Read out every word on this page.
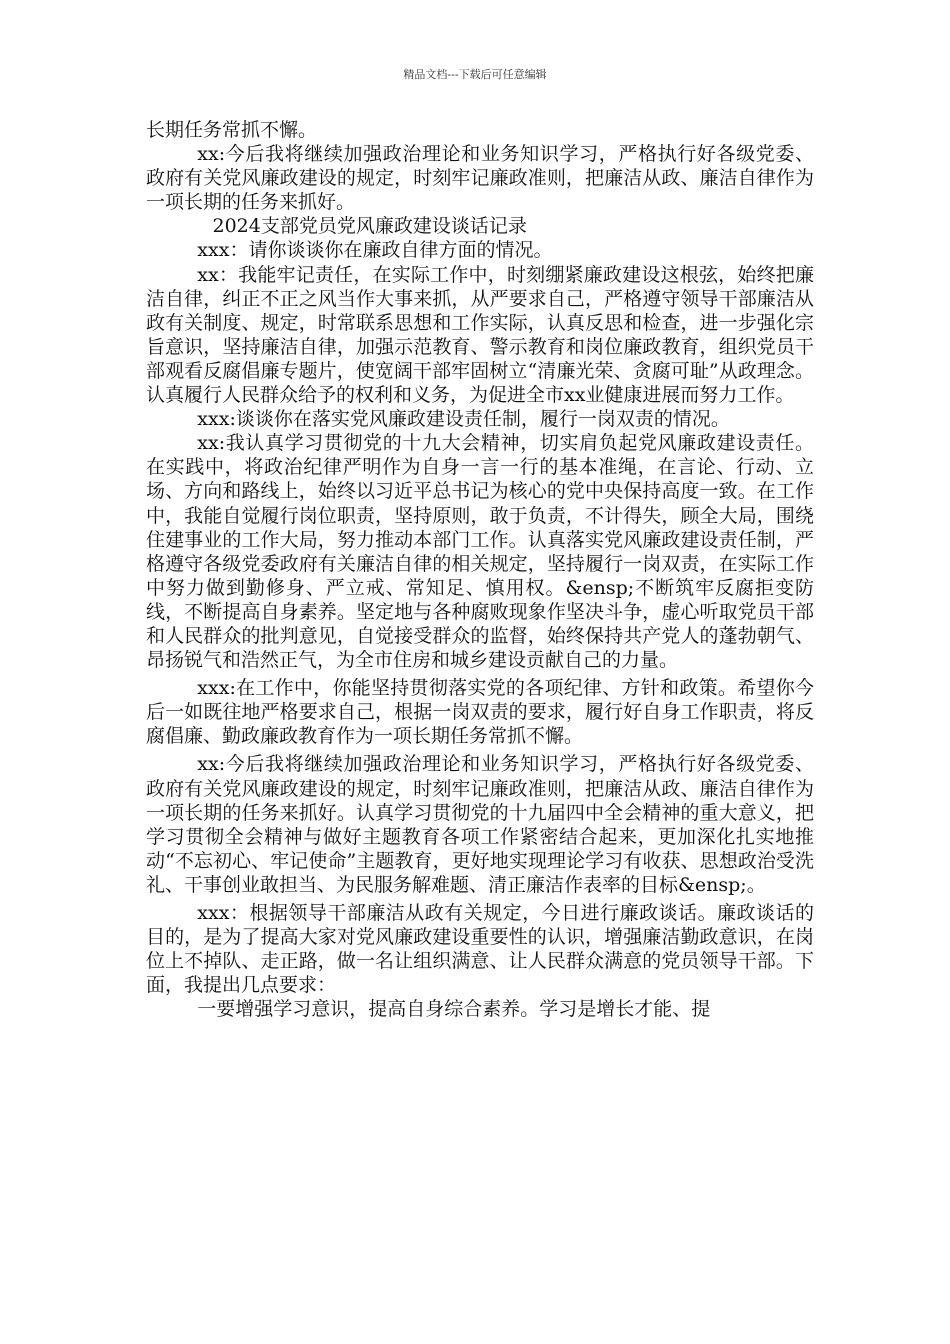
精品文档---下载后可任意编辑

长期任务常抓不懈。

xx:今后我将继续加强政治理论和业务知识学习，严格执行好各级党委、政府有关党风廉政建设的规定，时刻牢记廉政准则，把廉洁从政、廉洁自律作为一项长期的任务来抓好。

2024支部党员党风廉政建设谈话记录

xxx：请你谈谈你在廉政自律方面的情况。

xx：我能牢记责任，在实际工作中，时刻绷紧廉政建设这根弦，始终把廉洁自律，纠正不正之风当作大事来抓，从严要求自己，严格遵守领导干部廉洁从政有关制度、规定，时常联系思想和工作实际，认真反思和检查，进一步强化宗旨意识，坚持廉洁自律，加强示范教育、警示教育和岗位廉政教育，组织党员干部观看反腐倡廉专题片，使宽阔干部牢固树立“清廉光荣、贪腐可耻”从政理念。认真履行人民群众给予的权利和义务，为促进全市xx业健康进展而努力工作。

xxx:谈谈你在落实党风廉政建设责任制，履行一岗双责的情况。

xx:我认真学习贯彻党的十九大会精神，切实肩负起党风廉政建设责任。在实践中，将政治纪律严明作为自身一言一行的基本准绳，在言论、行动、立场、方向和路线上，始终以习近平总书记为核心的党中央保持高度一致。在工作中，我能自觉履行岗位职责，坚持原则，敢于负责，不计得失，顾全大局，围绕住建事业的工作大局，努力推动本部门工作。认真落实党风廉政建设责任制，严格遵守各级党委政府有关廉洁自律的相关规定，坚持履行一岗双责，在实际工作中努力做到勤修身、严立戒、常知足、慎用权。&ensp;不断筑牢反腐拒变防线，不断提高自身素养。坚定地与各种腐败现象作坚决斗争，虚心听取党员干部和人民群众的批判意见，自觉接受群众的监督，始终保持共产党人的蓬勃朝气、昂扬锐气和浩然正气，为全市住房和城乡建设贡献自己的力量。

xxx:在工作中，你能坚持贯彻落实党的各项纪律、方针和政策。希望你今后一如既往地严格要求自己，根据一岗双责的要求，履行好自身工作职责，将反腐倡廉、勤政廉政教育作为一项长期任务常抓不懈。

xx:今后我将继续加强政治理论和业务知识学习，严格执行好各级党委、政府有关党风廉政建设的规定，时刻牢记廉政准则，把廉洁从政、廉洁自律作为一项长期的任务来抓好。认真学习贯彻党的十九届四中全会精神的重大意义，把学习贯彻全会精神与做好主题教育各项工作紧密结合起来，更加深化扎实地推动“不忘初心、牢记使命”主题教育，更好地实现理论学习有收获、思想政治受洗礼、干事创业敢担当、为民服务解难题、清正廉洁作表率的目标&ensp;。

xxx：根据领导干部廉洁从政有关规定，今日进行廉政谈话。廉政谈话的目的，是为了提高大家对党风廉政建设重要性的认识，增强廉洁勤政意识，在岗位上不掉队、走正路，做一名让组织满意、让人民群众满意的党员领导干部。下面，我提出几点要求：

一要增强学习意识，提高自身综合素养。学习是增长才能、提
